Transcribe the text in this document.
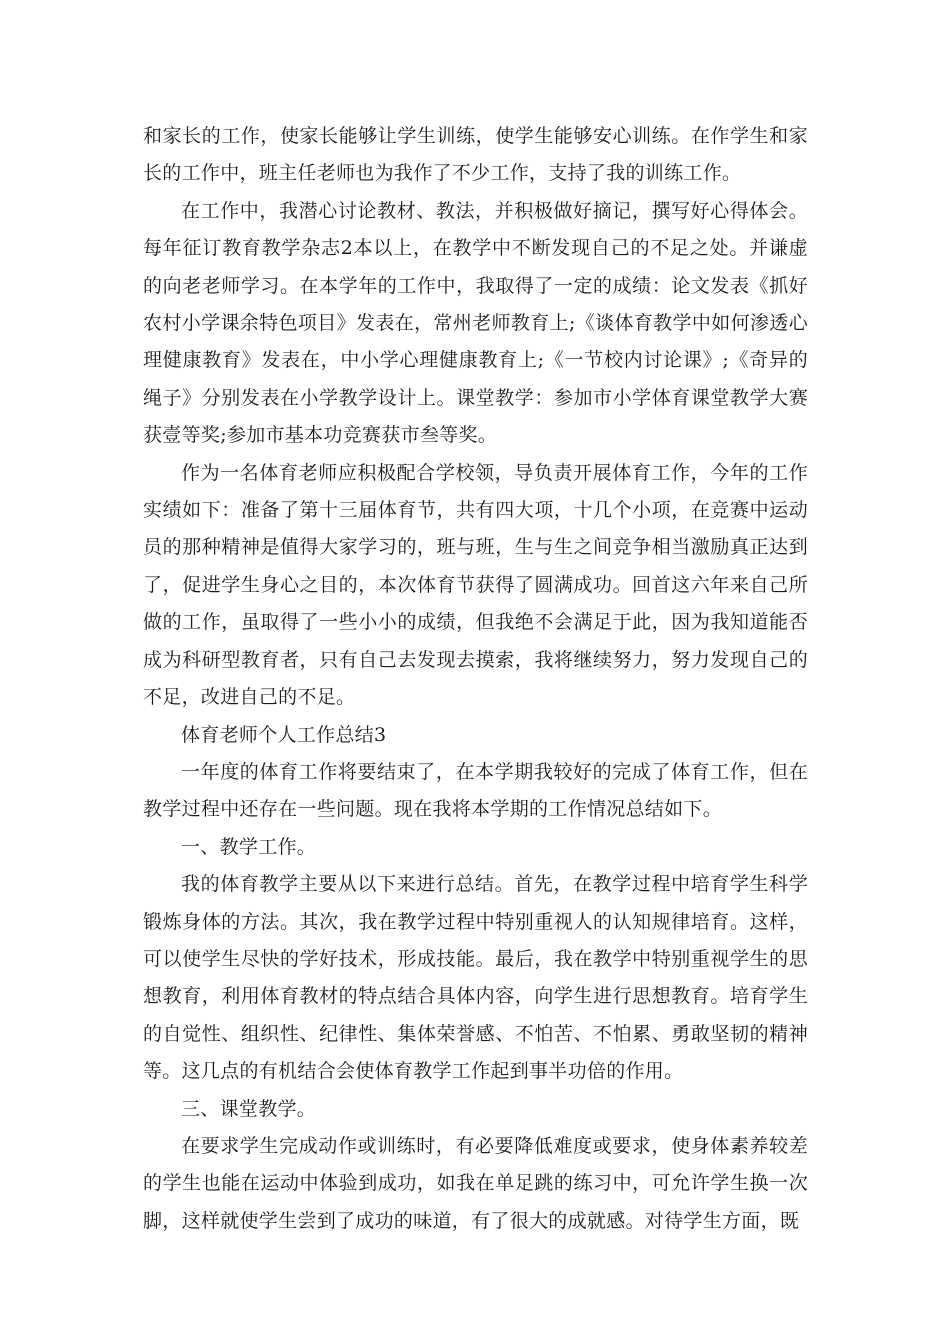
和家长的工作，使家长能够让学生训练，使学生能够安心训练。在作学生和家长的工作中，班主任老师也为我作了不少工作，支持了我的训练工作。

在工作中，我潜心讨论教材、教法，并积极做好摘记，撰写好心得体会。每年征订教育教学杂志2本以上，在教学中不断发现自己的不足之处。并谦虚的向老老师学习。在本学年的工作中，我取得了一定的成绩：论文发表《抓好农村小学课余特色项目》发表在，常州老师教育上;《谈体育教学中如何渗透心理健康教育》发表在，中小学心理健康教育上;《一节校内讨论课》;《奇异的绳子》分别发表在小学教学设计上。课堂教学：参加市小学体育课堂教学大赛获壹等奖;参加市基本功竞赛获市叁等奖。

作为一名体育老师应积极配合学校领，导负责开展体育工作，今年的工作实绩如下：准备了第十三届体育节，共有四大项，十几个小项，在竞赛中运动员的那种精神是值得大家学习的，班与班，生与生之间竞争相当激励真正达到了，促进学生身心之目的，本次体育节获得了圆满成功。回首这六年来自己所做的工作，虽取得了一些小小的成绩，但我绝不会满足于此，因为我知道能否成为科研型教育者，只有自己去发现去摸索，我将继续努力，努力发现自己的不足，改进自己的不足。

体育老师个人工作总结3

一年度的体育工作将要结束了，在本学期我较好的完成了体育工作，但在教学过程中还存在一些问题。现在我将本学期的工作情况总结如下。

一、教学工作。

我的体育教学主要从以下来进行总结。首先，在教学过程中培育学生科学锻炼身体的方法。其次，我在教学过程中特别重视人的认知规律培育。这样，可以使学生尽快的学好技术，形成技能。最后，我在教学中特别重视学生的思想教育，利用体育教材的特点结合具体内容，向学生进行思想教育。培育学生的自觉性、组织性、纪律性、集体荣誉感、不怕苦、不怕累、勇敢坚韧的精神等。这几点的有机结合会使体育教学工作起到事半功倍的作用。

三、课堂教学。

在要求学生完成动作或训练时，有必要降低难度或要求，使身体素养较差的学生也能在运动中体验到成功，如我在单足跳的练习中，可允许学生换一次脚，这样就使学生尝到了成功的味道，有了很大的成就感。对待学生方面，既
